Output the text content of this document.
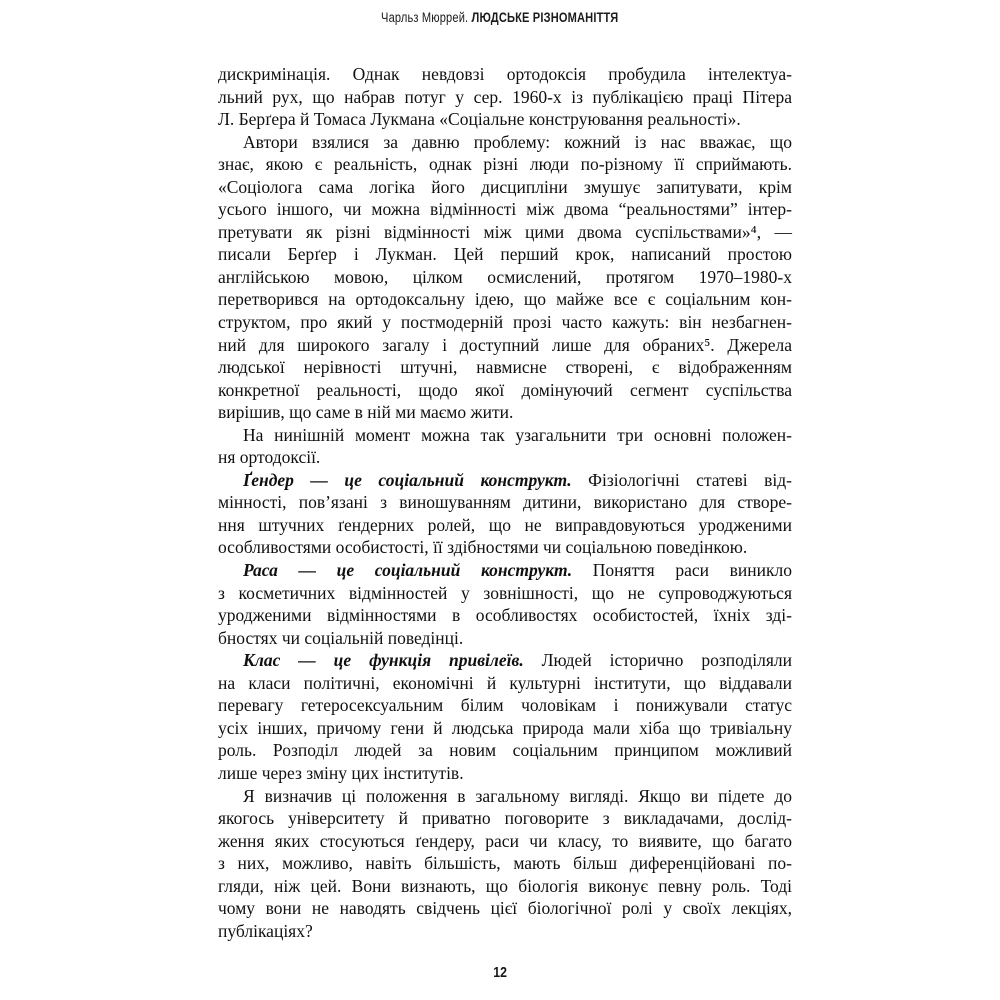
Чарльз Мюррей. ЛЮДСЬКЕ РІЗНОМАНІТТЯ
дискримінація. Однак невдовзі ортодоксія пробудила інтелектуа-
льний рух, що набрав потуг у сер. 1960-х із публікацією праці Пітера
Л. Берґера й Томаса Лукмана «Соціальне конструювання реальності».
Автори взялися за давню проблему: кожний із нас вважає, що
знає, якою є реальність, однак різні люди по-різному її сприймають.
«Соціолога сама логіка його дисципліни змушує запитувати, крім
усього іншого, чи можна відмінності між двома “реальностями” інтер-
претувати як різні відмінності між цими двома суспільствами»⁴, —
писали Берґер і Лукман. Цей перший крок, написаний простою
англійською мовою, цілком осмислений, протягом 1970–1980-х
перетворився на ортодоксальну ідею, що майже все є соціальним кон-
структом, про який у постмодерній прозі часто кажуть: він незбагнен-
ний для широкого загалу і доступний лише для обраних⁵. Джерела
людської нерівності штучні, навмисне створені, є відображенням
конкретної реальності, щодо якої домінуючий сегмент суспільства
вирішив, що саме в ній ми маємо жити.
На нинішній момент можна так узагальнити три основні положен-
ня ортодоксії.
Ґендер — це соціальний конструкт. Фізіологічні статеві від-
мінності, пов’язані з виношуванням дитини, використано для створе-
ння штучних ґендерних ролей, що не виправдовуються уродженими
особливостями особистості, її здібностями чи соціальною поведінкою.
Раса — це соціальний конструкт. Поняття раси виникло
з косметичних відмінностей у зовнішності, що не супроводжуються
уродженими відмінностями в особливостях особистостей, їхніх зді-
бностях чи соціальній поведінці.
Клас — це функція привілеїв. Людей історично розподіляли
на класи політичні, економічні й культурні інститути, що віддавали
перевагу гетеросексуальним білим чоловікам і понижували статус
усіх інших, причому гени й людська природа мали хіба що тривіальну
роль. Розподіл людей за новим соціальним принципом можливий
лише через зміну цих інститутів.
Я визначив ці положення в загальному вигляді. Якщо ви підете до
якогось університету й приватно поговорите з викладачами, дослід-
ження яких стосуються ґендеру, раси чи класу, то виявите, що багато
з них, можливо, навіть більшість, мають більш диференційовані по-
гляди, ніж цей. Вони визнають, що біологія виконує певну роль. Тоді
чому вони не наводять свідчень цієї біологічної ролі у своїх лекціях,
публікаціях?
12
